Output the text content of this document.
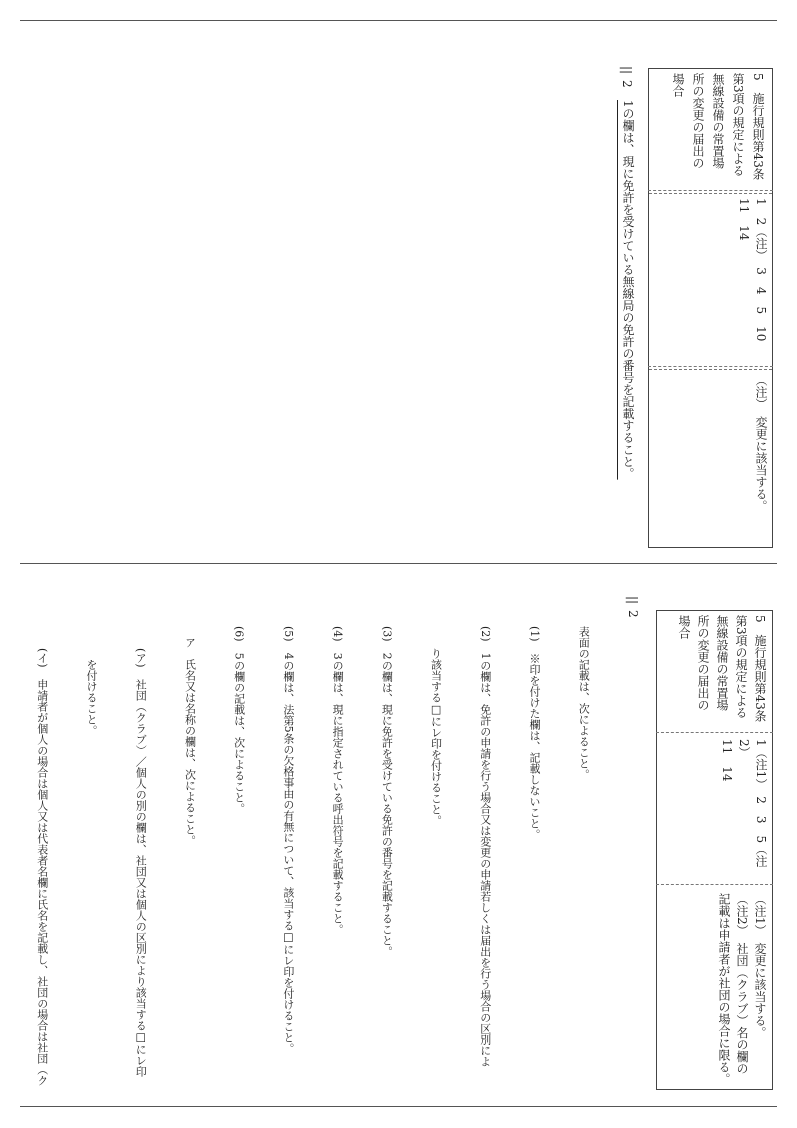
5　施行規則第43条第3項の規定による無線設備の常置場所の変更の届出の場合
1　2（注）　3　4　5　10
11　14
（注）　変更に該当する。
||
2
1の欄は、現に免許を受けている無線局の免許の番号を記載すること。
5　施行規則第43条第3項の規定による無線設備の常置場所の変更の届出の場合
1（注1）　2　3　5（注2）
11　14
（注1）　変更に該当する。
（注2）　社団（クラブ）名の欄の記載は申請者が社団の場合に限る。
||
2

表面の記載は、次によること。

(1)　※印を付けた欄は、記載しないこと。

(2)　1の欄は、免許の申請を行う場合又は変更の申請若しくは届出を行う場合の区別によ

　　り該当する□にレ印を付けること。

(3)　2の欄は、現に免許を受けている免許の番号を記載すること。

(4)　3の欄は、現に指定されている呼出符号を記載すること。

(5)　4の欄は、法第5条の欠格事由の有無について、該当する□にレ印を付けること。

(6)　5の欄の記載は、次によること。

　ア　氏名又は名称の欄は、次によること。

　　(ア)　社団（クラブ）／個人の別の欄は、社団又は個人の区別により該当する□にレ印

　　　を付けること。

　　(イ)　申請者が個人の場合は個人又は代表者名欄に氏名を記載し、社団の場合は社団（ク
